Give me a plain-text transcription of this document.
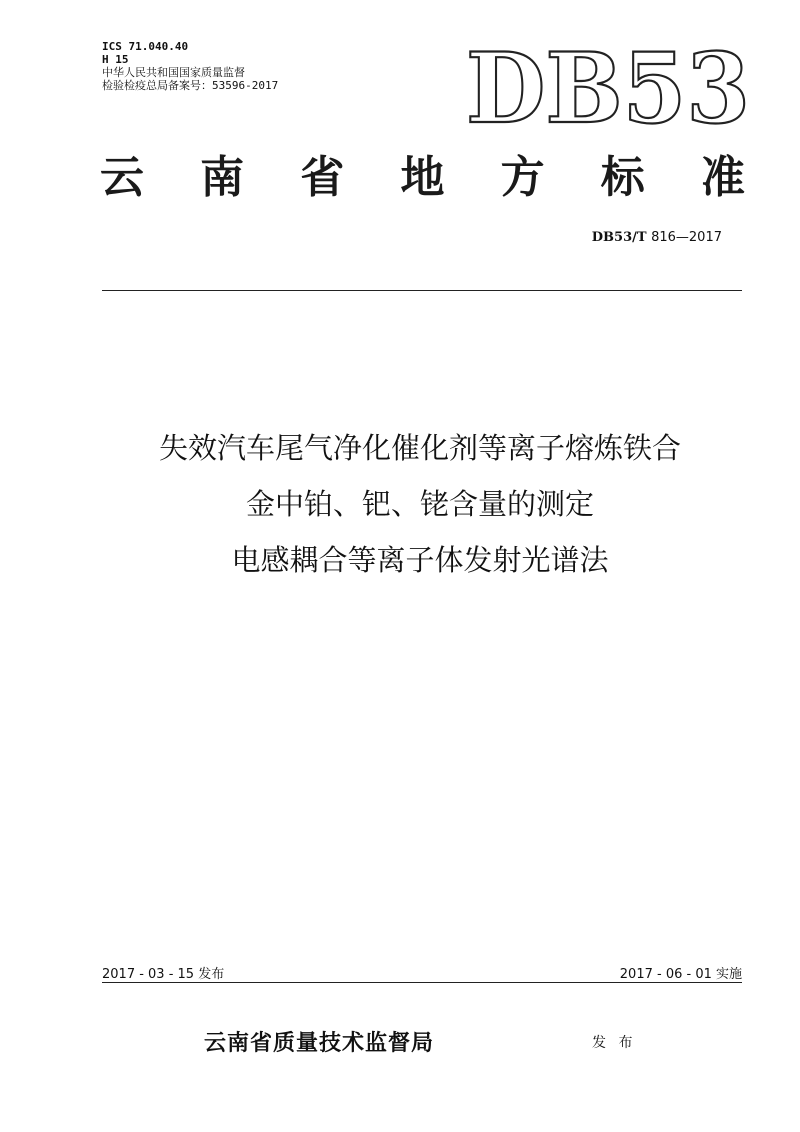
ICS 71.040.40
H 15
中华人民共和国国家质量监督
检验检疫总局备案号：53596-2017 DB53
云 南 省 地 方 标 准
DB53/T 816—2017
失效汽车尾气净化催化剂等离子熔炼铁合
金中铂、钯、铑含量的测定
电感耦合等离子体发射光谱法
2017 - 03 - 15 发布	2017 - 06 - 01 实施
云南省质量技术监督局	发 布
